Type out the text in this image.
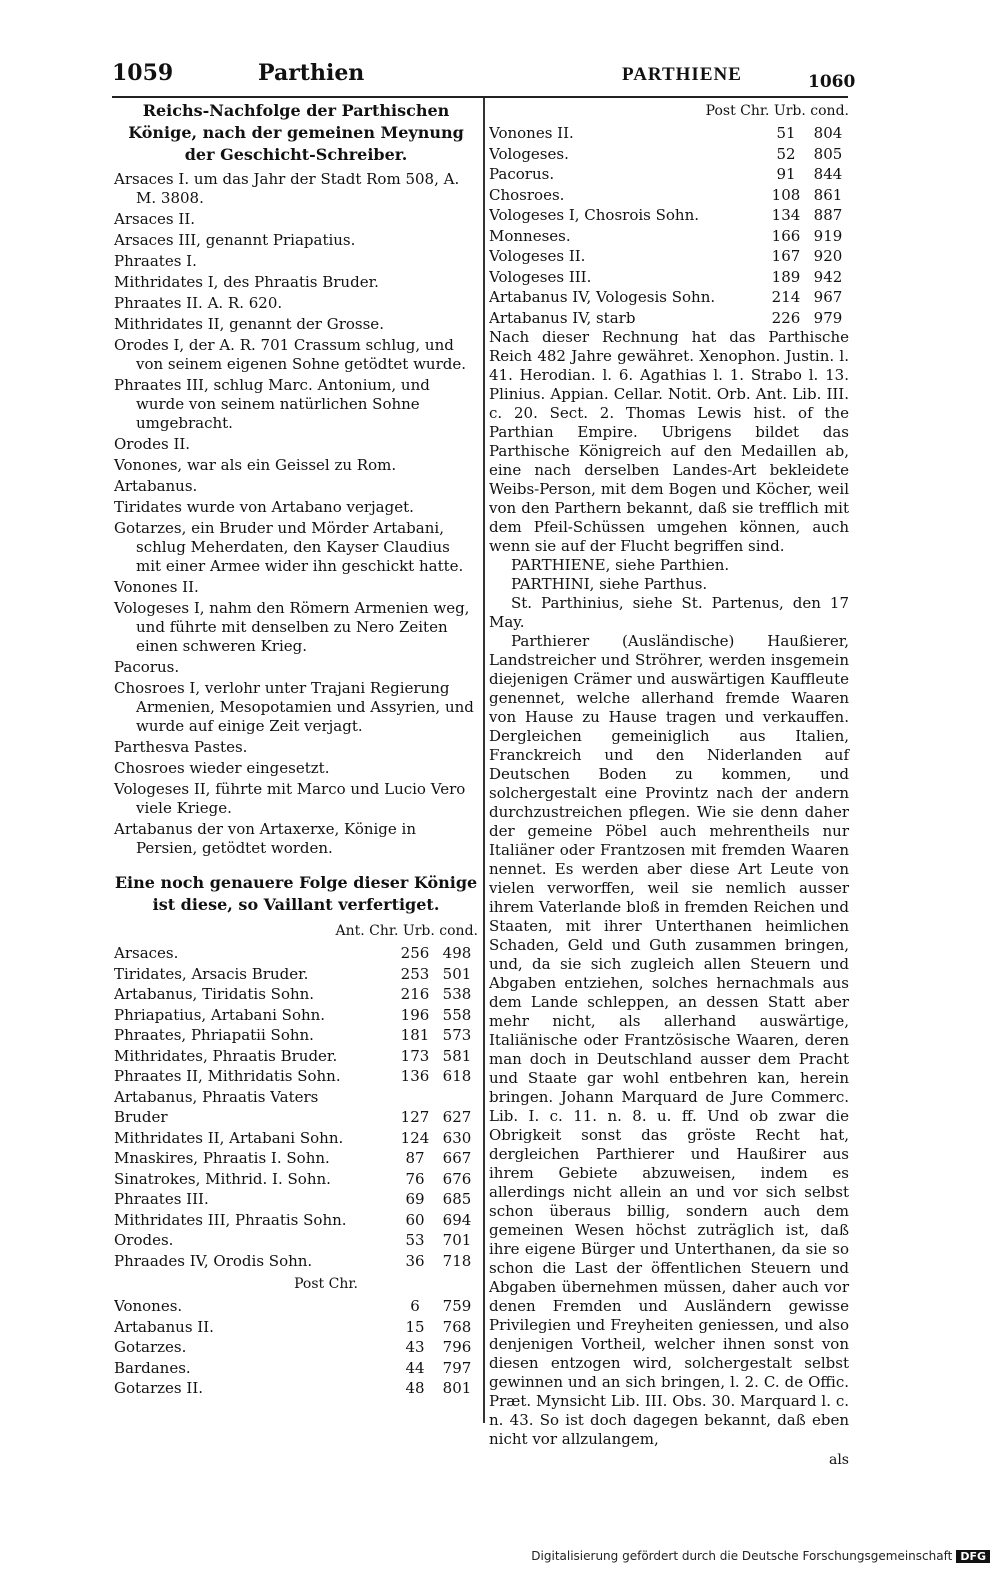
1059	Parthien	PARTHIENE	1060

Reichs-Nachfolge der Parthischen Könige, nach der gemeinen Meynung der Geschicht-Schreiber.

Arsaces I. um das Jahr der Stadt Rom 508, A. M. 3808.

Arsaces II.

Arsaces III, genannt Priapatius.

Phraates I.

Mithridates I, des Phraatis Bruder.

Phraates II. A. R. 620.

Mithridates II, genannt der Grosse.

Orodes I, der A. R. 701 Crassum schlug, und von seinem eigenen Sohne getödtet wurde.

Phraates III, schlug Marc. Antonium, und wurde von seinem natürlichen Sohne umgebracht.

Orodes II.

Vonones, war als ein Geissel zu Rom.

Artabanus.

Tiridates wurde von Artabano verjaget.

Gotarzes, ein Bruder und Mörder Artabani, schlug Meherdaten, den Kayser Claudius mit einer Armee wider ihn geschickt hatte.

Vonones II.

Vologeses I, nahm den Römern Armenien weg, und führte mit denselben zu Nero Zeiten einen schweren Krieg.

Pacorus.

Chosroes I, verlohr unter Trajani Regierung Armenien, Mesopotamien und Assyrien, und wurde auf einige Zeit verjagt.

Parthesva Pastes.

Chosroes wieder eingesetzt.

Vologeses II, führte mit Marco und Lucio Vero viele Kriege.

Artabanus der von Artaxerxe, Könige in Persien, getödtet worden.

Eine noch genauere Folge dieser Könige ist diese, so Vaillant verfertiget.

Ant. Chr. Urb. cond.

Arsaces.	256	498
Tiridates, Arsacis Bruder.	253	501
Artabanus, Tiridatis Sohn.	216	538
Phriapatius, Artabani Sohn.	196	558
Phraates, Phriapatii Sohn.	181	573
Mithridates, Phraatis Bruder.	173	581
Phraates II, Mithridatis Sohn.	136	618
Artabanus, Phraatis Vaters		
Bruder	127	627
Mithridates II, Artabani Sohn.	124	630
Mnaskires, Phraatis I. Sohn.	87	667
Sinatrokes, Mithrid. I. Sohn.	76	676
Phraates III.	69	685
Mithridates III, Phraatis Sohn.	60	694
Orodes.	53	701
Phraades IV, Orodis Sohn.	36	718

Post Chr.

Vonones.	6	759
Artabanus II.	15	768
Gotarzes.	43	796
Bardanes.	44	797
Gotarzes II.	48	801

Post Chr. Urb. cond.

Vonones II.	51	804
Vologeses.	52	805
Pacorus.	91	844
Chosroes.	108	861
Vologeses I, Chosrois Sohn.	134	887
Monneses.	166	919
Vologeses II.	167	920
Vologeses III.	189	942
Artabanus IV, Vologesis Sohn.	214	967
Artabanus IV, starb	226	979

Nach dieser Rechnung hat das Parthische Reich 482 Jahre gewähret. Xenophon. Justin. l. 41. Herodian. l. 6. Agathias l. 1. Strabo l. 13. Plinius. Appian. Cellar. Notit. Orb. Ant. Lib. III. c. 20. Sect. 2. Thomas Lewis hist. of the Parthian Empire. Ubrigens bildet das Parthische Königreich auf den Medaillen ab, eine nach derselben Landes-Art bekleidete Weibs-Person, mit dem Bogen und Köcher, weil von den Parthern bekannt, daß sie trefflich mit dem Pfeil-Schüssen umgehen können, auch wenn sie auf der Flucht begriffen sind.

PARTHIENE, siehe Parthien.

PARTHINI, siehe Parthus.

St. Parthinius, siehe St. Partenus, den 17 May.

Parthierer (Ausländische) Haußierer, Landstreicher und Ströhrer, werden insgemein diejenigen Crämer und auswärtigen Kauffleute genennet, welche allerhand fremde Waaren von Hause zu Hause tragen und verkauffen. Dergleichen gemeiniglich aus Italien, Franckreich und den Niderlanden auf Deutschen Boden zu kommen, und solchergestalt eine Provintz nach der andern durchzustreichen pflegen. Wie sie denn daher der gemeine Pöbel auch mehrentheils nur Italiäner oder Frantzosen mit fremden Waaren nennet. Es werden aber diese Art Leute von vielen verworffen, weil sie nemlich ausser ihrem Vaterlande bloß in fremden Reichen und Staaten, mit ihrer Unterthanen heimlichen Schaden, Geld und Guth zusammen bringen, und, da sie sich zugleich allen Steuern und Abgaben entziehen, solches hernachmals aus dem Lande schleppen, an dessen Statt aber mehr nicht, als allerhand auswärtige, Italiänische oder Frantzösische Waaren, deren man doch in Deutschland ausser dem Pracht und Staate gar wohl entbehren kan, herein bringen. Johann Marquard de Jure Commerc. Lib. I. c. 11. n. 8. u. ff. Und ob zwar die Obrigkeit sonst das gröste Recht hat, dergleichen Parthierer und Haußirer aus ihrem Gebiete abzuweisen, indem es allerdings nicht allein an und vor sich selbst schon überaus billig, sondern auch dem gemeinen Wesen höchst zuträglich ist, daß ihre eigene Bürger und Unterthanen, da sie so schon die Last der öffentlichen Steuern und Abgaben übernehmen müssen, daher auch vor denen Fremden und Ausländern gewisse Privilegien und Freyheiten geniessen, und also denjenigen Vortheil, welcher ihnen sonst von diesen entzogen wird, solchergestalt selbst gewinnen und an sich bringen, l. 2. C. de Offic. Præt. Mynsicht Lib. III. Obs. 30. Marquard l. c. n. 43. So ist doch dagegen bekannt, daß eben nicht vor allzulangem,

als

Digitalisierung gefördert durch die Deutsche Forschungsgemeinschaft DFG
